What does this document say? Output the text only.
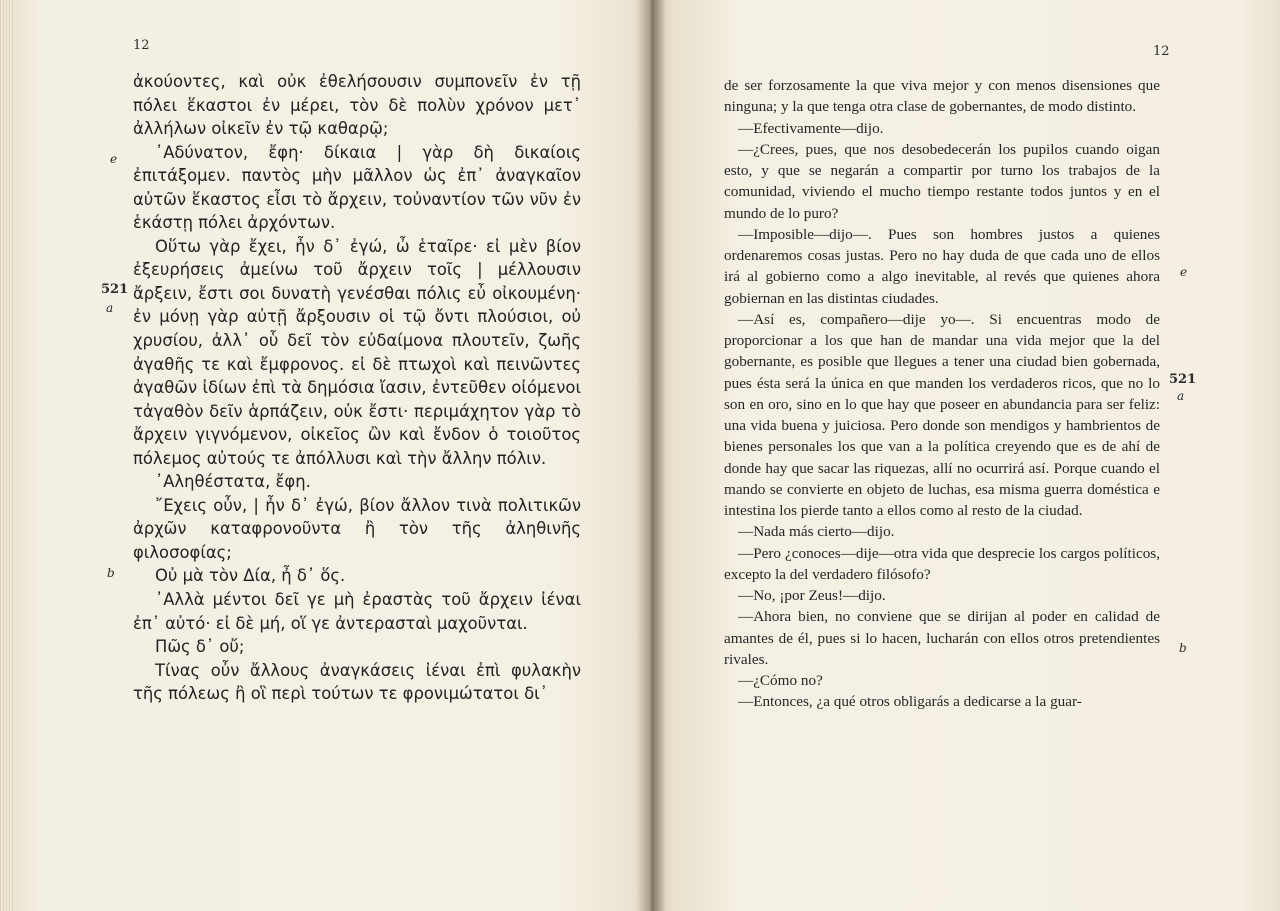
12
e
521
a
b

ἀκούοντες, καὶ οὐκ ἐθελήσουσιν συμπονεῖν ἐν τῇ πόλει ἕκαστοι ἐν μέρει, τὸν δὲ πολὺν χρόνον μετ᾽ ἀλλήλων οἰκεῖν ἐν τῷ καθαρῷ;

᾽Αδύνατον, ἔφη· δίκαια | γὰρ δὴ δικαίοις ἐπιτάξομεν. παντὸς μὴν μᾶλλον ὡς ἐπ᾽ ἀναγκαῖον αὐτῶν ἕκαστος εἶσι τὸ ἄρχειν, τοὐναντίον τῶν νῦν ἐν ἑκάστῃ πόλει ἀρχόντων.

Οὕτω γὰρ ἔχει, ἦν δ᾽ ἐγώ, ὦ ἑταῖρε· εἰ μὲν βίον ἐξευρήσεις ἀμείνω τοῦ ἄρχειν τοῖς | μέλλουσιν ἄρξειν, ἔστι σοι δυνατὴ γενέσθαι πόλις εὖ οἰκουμένη· ἐν μόνῃ γὰρ αὐτῇ ἄρξουσιν οἱ τῷ ὄντι πλούσιοι, οὐ χρυσίου, ἀλλ᾽ οὗ δεῖ τὸν εὐδαίμονα πλουτεῖν, ζωῆς ἀγαθῆς τε καὶ ἔμφρονος. εἰ δὲ πτωχοὶ καὶ πεινῶντες ἀγαθῶν ἰδίων ἐπὶ τὰ δημόσια ἴασιν, ἐντεῦθεν οἰόμενοι τἀγαθὸν δεῖν ἁρπάζειν, οὐκ ἔστι· περιμάχητον γὰρ τὸ ἄρχειν γιγνόμενον, οἰκεῖος ὢν καὶ ἔνδον ὁ τοιοῦτος πόλεμος αὐτούς τε ἀπόλλυσι καὶ τὴν ἄλλην πόλιν.

᾽Αληθέστατα, ἔφη.

῎Εχεις οὖν, | ἦν δ᾽ ἐγώ, βίον ἄλλον τινὰ πολιτικῶν ἀρχῶν καταφρονοῦντα ἢ τὸν τῆς ἀληθινῆς φιλοσοφίας;

Οὐ μὰ τὸν Δία, ἦ δ᾽ ὅς.

᾽Αλλὰ μέντοι δεῖ γε μὴ ἐραστὰς τοῦ ἄρχειν ἰέναι ἐπ᾽ αὐτό· εἰ δὲ μή, οἵ γε ἀντερασταὶ μαχοῦνται.

Πῶς δ᾽ οὔ;

Τίνας οὖν ἄλλους ἀναγκάσεις ἰέναι ἐπὶ φυλακὴν τῆς πόλεως ἢ οἳ περὶ τούτων τε φρονιμώτατοι δι᾽

12
e
521
a
b

de ser forzosamente la que viva mejor y con menos disensiones que ninguna; y la que tenga otra clase de gobernantes, de modo distinto.

—Efectivamente—dijo.

—¿Crees, pues, que nos desobedecerán los pupilos cuando oigan esto, y que se negarán a compartir por turno los trabajos de la comunidad, viviendo el mucho tiempo restante todos juntos y en el mundo de lo puro?

—Imposible—dijo—. Pues son hombres justos a quienes ordenaremos cosas justas. Pero no hay duda de que cada uno de ellos irá al gobierno como a algo inevitable, al revés que quienes ahora gobiernan en las distintas ciudades.

—Así es, compañero—dije yo—. Si encuentras modo de proporcionar a los que han de mandar una vida mejor que la del gobernante, es posible que llegues a tener una ciudad bien gobernada, pues ésta será la única en que manden los verdaderos ricos, que no lo son en oro, sino en lo que hay que poseer en abundancia para ser feliz: una vida buena y juiciosa. Pero donde son mendigos y hambrientos de bienes personales los que van a la política creyendo que es de ahí de donde hay que sacar las riquezas, allí no ocurrirá así. Porque cuando el mando se convierte en objeto de luchas, esa misma guerra doméstica e intestina los pierde tanto a ellos como al resto de la ciudad.

—Nada más cierto—dijo.

—Pero ¿conoces—dije—otra vida que desprecie los cargos políticos, excepto la del verdadero filósofo?

—No, ¡por Zeus!—dijo.

—Ahora bien, no conviene que se dirijan al poder en calidad de amantes de él, pues si lo hacen, lucharán con ellos otros pretendientes rivales.

—¿Cómo no?

—Entonces, ¿a qué otros obligarás a dedicarse a la guar-
